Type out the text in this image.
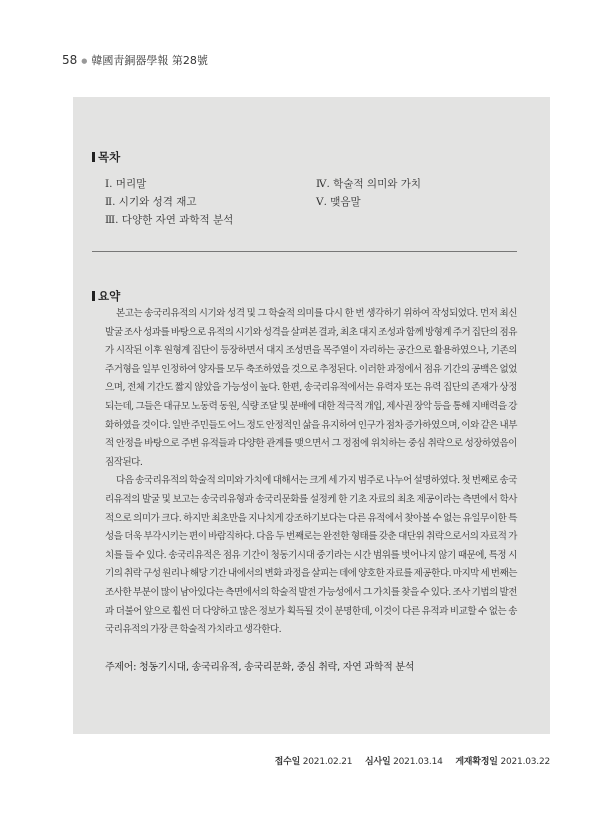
58 ● 韓國靑銅器學報 第28號
목차
Ⅰ. 머리말
Ⅱ. 시기와 성격 재고
Ⅲ. 다양한 자연 과학적 분석
Ⅳ. 학술적 의미와 가치
Ⅴ. 맺음말
요약

본고는 송국리유적의 시기와 성격 및 그 학술적 의미를 다시 한 번 생각하기 위하여 작성되었다. 먼저 최신 발굴 조사 성과를 바탕으로 유적의 시기와 성격을 살펴본 결과, 최초 대지 조성과 함께 방형계 주거 집단의 점유가 시작된 이후 원형계 집단이 등장하면서 대지 조성면을 목주열이 자리하는 공간으로 활용하였으나, 기존의 주거형을 일부 인정하여 양자를 모두 축조하였을 것으로 추정된다. 이러한 과정에서 점유 기간의 공백은 없었으며, 전체 기간도 짧지 않았을 가능성이 높다. 한편, 송국리유적에서는 유력자 또는 유력 집단의 존재가 상정되는데, 그들은 대규모 노동력 동원, 식량 조달 및 분배에 대한 적극적 개입, 제사권 장악 등을 통해 지배력을 강화하였을 것이다. 일반 주민들도 어느 정도 안정적인 삶을 유지하여 인구가 점차 증가하였으며, 이와 같은 내부적 안정을 바탕으로 주변 유적들과 다양한 관계를 맺으면서 그 정점에 위치하는 중심 취락으로 성장하였음이 짐작된다.

다음 송국리유적의 학술적 의미와 가치에 대해서는 크게 세 가지 범주로 나누어 설명하였다. 첫 번째로 송국리유적의 발굴 및 보고는 송국리유형과 송국리문화를 설정케 한 기초 자료의 최초 제공이라는 측면에서 학사적으로 의미가 크다. 하지만 최초만을 지나치게 강조하기보다는 다른 유적에서 찾아볼 수 없는 유일무이한 특성을 더욱 부각시키는 편이 바람직하다. 다음 두 번째로는 완전한 형태를 갖춘 대단위 취락으로서의 자료적 가치를 들 수 있다. 송국리유적은 점유 기간이 청동기시대 중기라는 시간 범위를 벗어나지 않기 때문에, 특정 시기의 취락 구성 원리나 해당 기간 내에서의 변화 과정을 살피는 데에 양호한 자료를 제공한다. 마지막 세 번째는 조사한 부분이 많이 남아있다는 측면에서의 학술적 발전 가능성에서 그 가치를 찾을 수 있다. 조사 기법의 발전과 더불어 앞으로 훨씬 더 다양하고 많은 정보가 획득될 것이 분명한데, 이것이 다른 유적과 비교할 수 없는 송국리유적의 가장 큰 학술적 가치라고 생각한다.

주제어: 청동기시대, 송국리유적, 송국리문화, 중심 취락, 자연 과학적 분석
접수일 2021.02.21 심사일 2021.03.14 게재확정일 2021.03.22
